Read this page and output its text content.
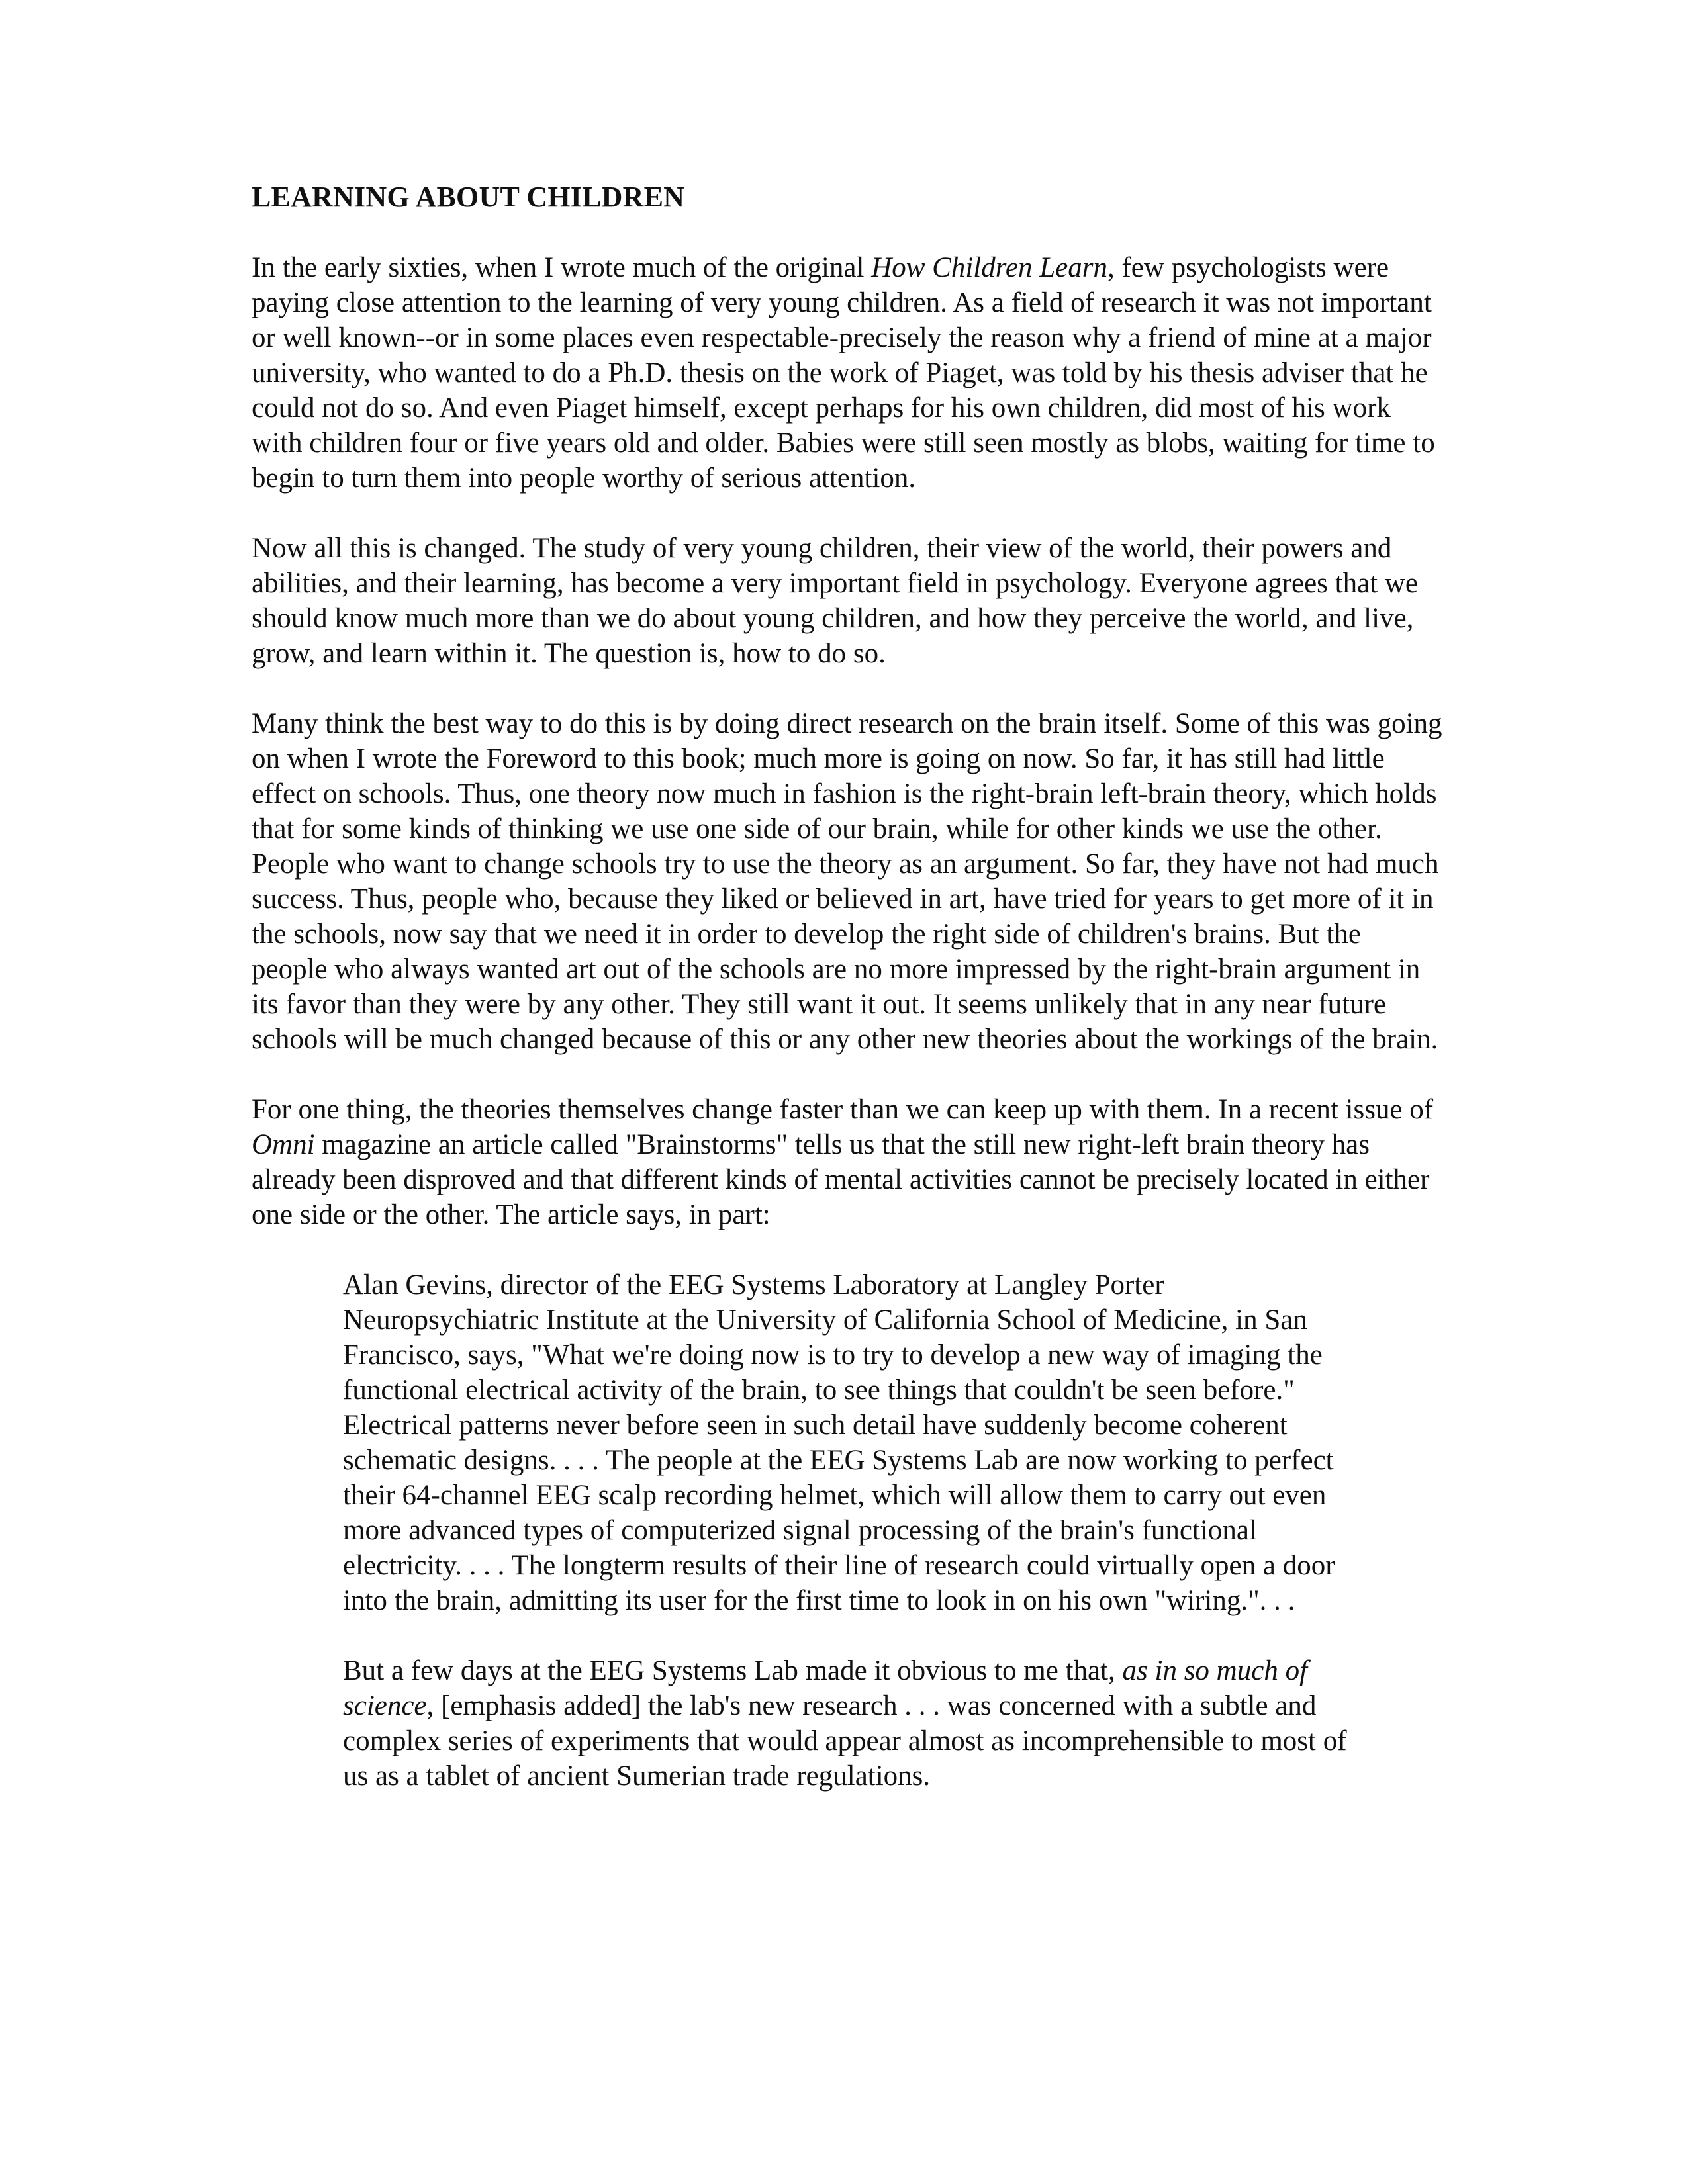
LEARNING ABOUT CHILDREN

In the early sixties, when I wrote much of the original How Children Learn, few psychologists were paying close attention to the learning of very young children. As a field of research it was not important or well known--or in some places even respectable-precisely the reason why a friend of mine at a major university, who wanted to do a Ph.D. thesis on the work of Piaget, was told by his thesis adviser that he could not do so. And even Piaget himself, except perhaps for his own children, did most of his work with children four or five years old and older. Babies were still seen mostly as blobs, waiting for time to begin to turn them into people worthy of serious attention.

Now all this is changed. The study of very young children, their view of the world, their powers and abilities, and their learning, has become a very important field in psychology. Everyone agrees that we should know much more than we do about young children, and how they perceive the world, and live, grow, and learn within it. The question is, how to do so.

Many think the best way to do this is by doing direct research on the brain itself. Some of this was going on when I wrote the Foreword to this book; much more is going on now. So far, it has still had little effect on schools. Thus, one theory now much in fashion is the right-brain left-brain theory, which holds that for some kinds of thinking we use one side of our brain, while for other kinds we use the other. People who want to change schools try to use the theory as an argument. So far, they have not had much success. Thus, people who, because they liked or believed in art, have tried for years to get more of it in the schools, now say that we need it in order to develop the right side of children's brains. But the people who always wanted art out of the schools are no more impressed by the right-brain argument in its favor than they were by any other. They still want it out. It seems unlikely that in any near future schools will be much changed because of this or any other new theories about the workings of the brain.

For one thing, the theories themselves change faster than we can keep up with them. In a recent issue of Omni magazine an article called "Brainstorms" tells us that the still new right-left brain theory has already been disproved and that different kinds of mental activities cannot be precisely located in either one side or the other. The article says, in part:

Alan Gevins, director of the EEG Systems Laboratory at Langley Porter Neuropsychiatric Institute at the University of California School of Medicine, in San Francisco, says, "What we're doing now is to try to develop a new way of imaging the functional electrical activity of the brain, to see things that couldn't be seen before." Electrical patterns never before seen in such detail have suddenly become coherent schematic designs. . . . The people at the EEG Systems Lab are now working to perfect their 64-channel EEG scalp recording helmet, which will allow them to carry out even more advanced types of computerized signal processing of the brain's functional electricity. . . . The longterm results of their line of research could virtually open a door into the brain, admitting its user for the first time to look in on his own "wiring.". . .

But a few days at the EEG Systems Lab made it obvious to me that, as in so much of science, [emphasis added] the lab's new research . . . was concerned with a subtle and complex series of experiments that would appear almost as incomprehensible to most of us as a tablet of ancient Sumerian trade regulations.
